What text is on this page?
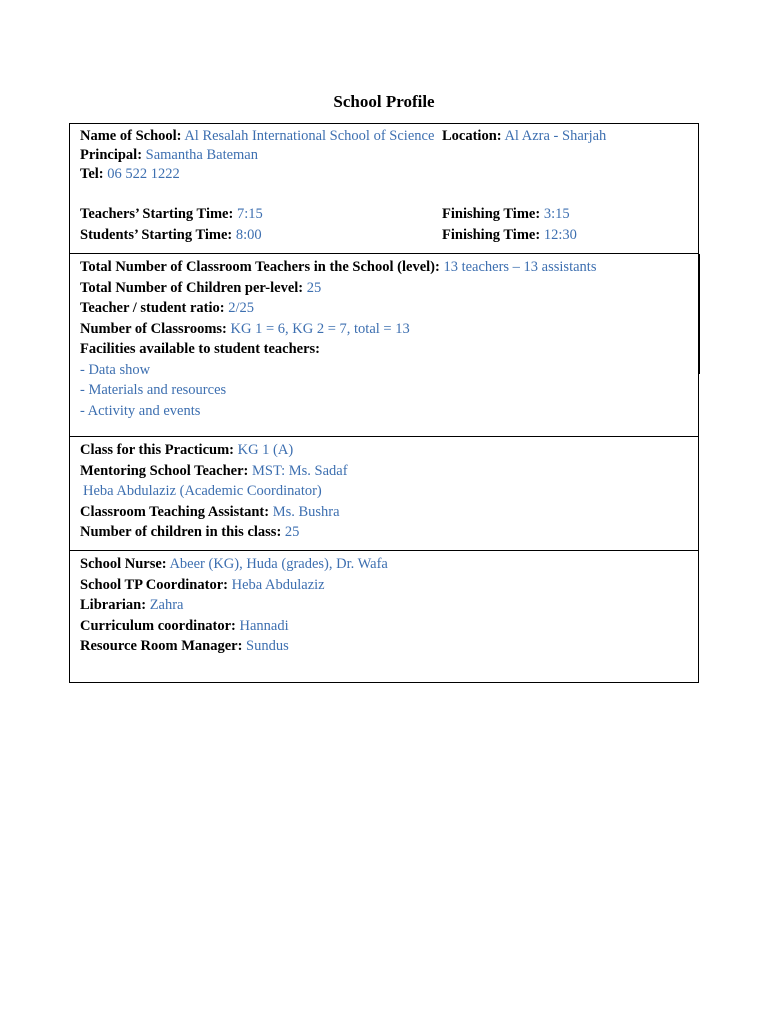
School Profile
Name of School: Al Resalah International School of Science Location: Al Azra - Sharjah
Principal: Samantha Bateman
Tel: 06 522 1222
Teachers’ Starting Time: 7:15	Finishing Time: 3:15
Students’ Starting Time: 8:00	Finishing Time: 12:30
Total Number of Classroom Teachers in the School (level): 13 teachers – 13 assistants
Total Number of Children per-level: 25
Teacher / student ratio: 2/25
Number of Classrooms: KG 1 = 6, KG 2 = 7, total = 13
Facilities available to student teachers:
- Data show
- Materials and resources
- Activity and events
Class for this Practicum: KG 1 (A)
Mentoring School Teacher: MST: Ms. Sadaf
Heba Abdulaziz (Academic Coordinator)
Classroom Teaching Assistant: Ms. Bushra
Number of children in this class: 25
School Nurse: Abeer (KG), Huda (grades), Dr. Wafa
School TP Coordinator: Heba Abdulaziz
Librarian: Zahra
Curriculum coordinator: Hannadi
Resource Room Manager: Sundus
